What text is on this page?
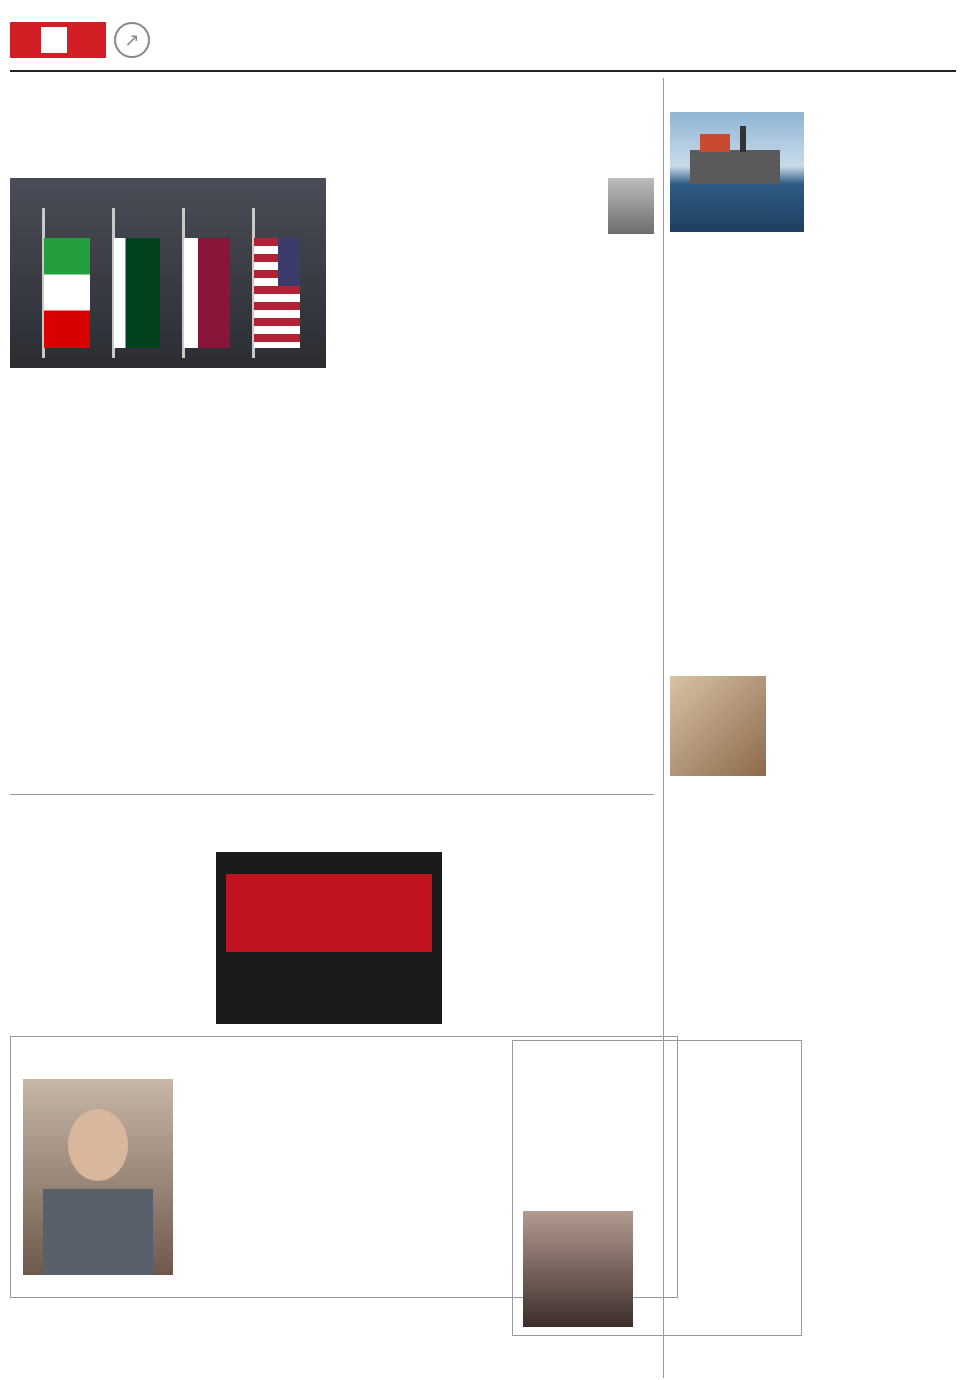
↗
